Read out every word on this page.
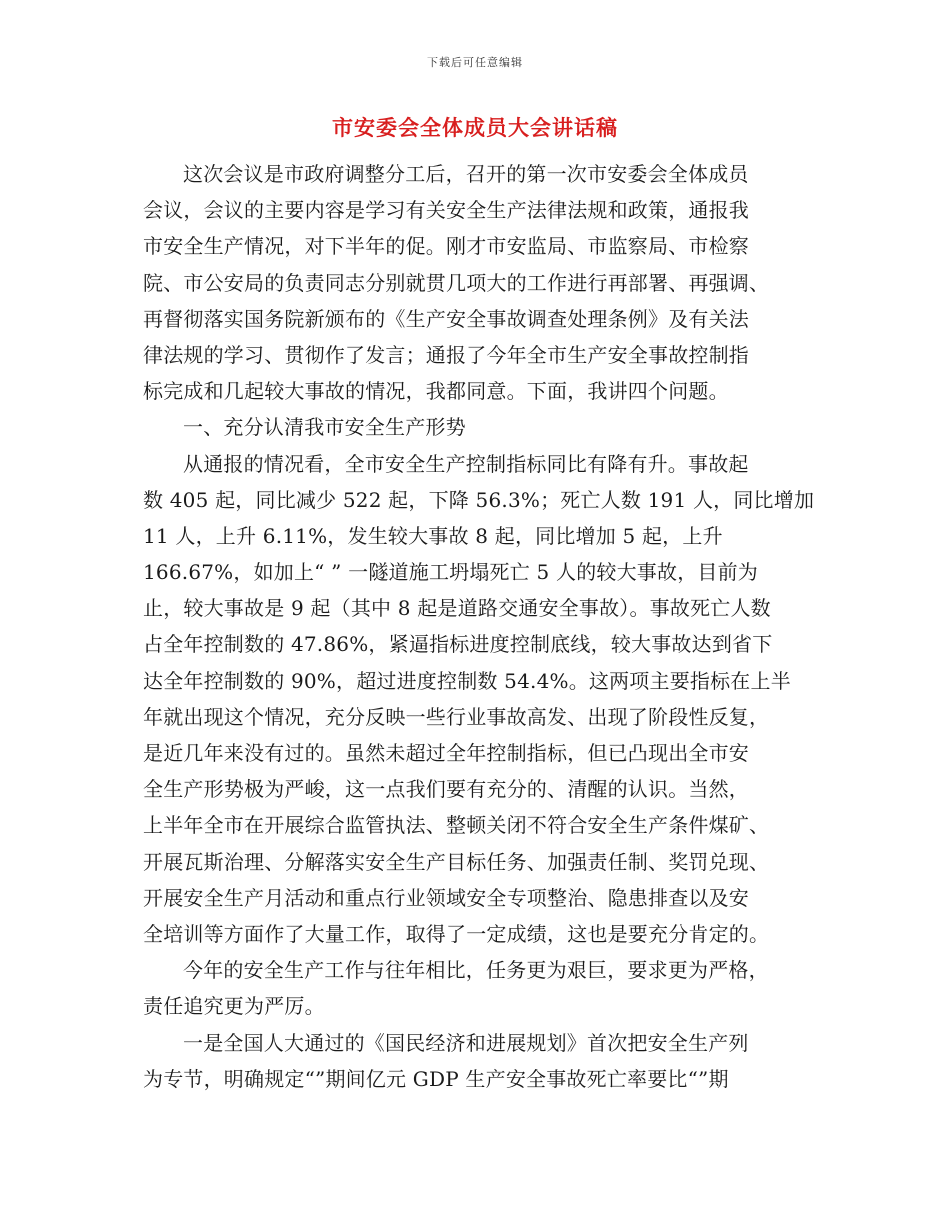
下载后可任意编辑
市安委会全体成员大会讲话稿
这次会议是市政府调整分工后，召开的第一次市安委会全体成员
会议，会议的主要内容是学习有关安全生产法律法规和政策，通报我
市安全生产情况，对下半年的促。刚才市安监局、市监察局、市检察
院、市公安局的负责同志分别就贯几项大的工作进行再部署、再强调、
再督彻落实国务院新颁布的《生产安全事故调查处理条例》及有关法
律法规的学习、贯彻作了发言；通报了今年全市生产安全事故控制指
标完成和几起较大事故的情况，我都同意。下面，我讲四个问题。
一、充分认清我市安全生产形势
从通报的情况看，全市安全生产控制指标同比有降有升。事故起
数 405 起，同比减少 522 起，下降 56.3%；死亡人数 191 人，同比增加
11 人，上升 6.11%，发生较大事故 8 起，同比增加 5 起，上升
166.67%，如加上“ ” 一隧道施工坍塌死亡 5 人的较大事故，目前为
止，较大事故是 9 起（其中 8 起是道路交通安全事故）。事故死亡人数
占全年控制数的 47.86%，紧逼指标进度控制底线，较大事故达到省下
达全年控制数的 90%，超过进度控制数 54.4%。这两项主要指标在上半
年就出现这个情况，充分反映一些行业事故高发、出现了阶段性反复，
是近几年来没有过的。虽然未超过全年控制指标，但已凸现出全市安
全生产形势极为严峻，这一点我们要有充分的、清醒的认识。当然，
上半年全市在开展综合监管执法、整顿关闭不符合安全生产条件煤矿、
开展瓦斯治理、分解落实安全生产目标任务、加强责任制、奖罚兑现、
开展安全生产月活动和重点行业领域安全专项整治、隐患排查以及安
全培训等方面作了大量工作，取得了一定成绩，这也是要充分肯定的。
今年的安全生产工作与往年相比，任务更为艰巨，要求更为严格，
责任追究更为严厉。
一是全国人大通过的《国民经济和进展规划》首次把安全生产列
为专节，明确规定“”期间亿元 GDP 生产安全事故死亡率要比“”期
